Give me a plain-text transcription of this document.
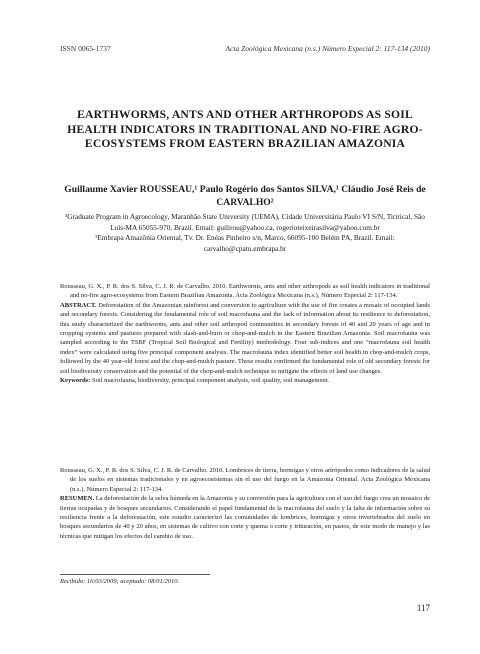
ISSN 0065-1737	Acta Zoológica Mexicana (n.s.) Número Especial 2: 117-134 (2010)
EARTHWORMS, ANTS AND OTHER ARTHROPODS AS SOIL HEALTH INDICATORS IN TRADITIONAL AND NO-FIRE AGRO-ECOSYSTEMS FROM EASTERN BRAZILIAN AMAZONIA
Guillaume Xavier ROUSSEAU,¹ Paulo Rogério dos Santos SILVA,¹ Cláudio José Reis de CARVALHO²

¹Graduate Program in Agroecology, Maranhão State University (UEMA), Cidade Universitária Paulo VI S/N, Tirirical, São Luís-MA 65055-970, Brazil. Email: guilirou@yahoo.ca, rogerioteixeirasilva@yahoo.com.br

²Embrapa Amazônia Oriental, Tv. Dr. Enéas Pinheiro s/n, Marco, 66095-100 Belém PA, Brazil. Email: carvalho@cpatu.embrapa.br

Rousseau, G. X., P. R. dos S. Silva, C. J. R. de Carvalho. 2010. Earthworms, ants and other arthropods as soil health indicators in traditional and no-fire agro-ecosystems from Eastern Brazilian Amazonia. Acta Zoológica Mexicana (n.s.), Número Especial 2: 117-134.

ABSTRACT. Deforestation of the Amazonian rainforest and conversion to agriculture with the use of fire creates a mosaic of occupied lands and secondary forests. Considering the fundamental role of soil macrofauna and the lack of information about its resilience to deforestation, this study characterized the earthworms, ants and other soil arthropod communities in secondary forests of 40 and 20 years of age and in cropping systems and pastures prepared with slash-and-burn or chop-and-mulch in the Eastern Brazilian Amazonia. Soil macrofauna was sampled according to the TSBF (Tropical Soil Biological and Fertility) methodology. Four sub-indices and one “macrofauna soil health index” were calculated using five principal component analysis. The macrofauna index identified better soil health in chop-and-mulch crops, followed by the 40 year-old forest and the chop-and-mulch pasture. These results confirmed the fundamental role of old secondary forests for soil biodiversity conservation and the potential of the chop-and-mulch technique to mitigate the effects of land use changes.

Keywords: Soil macrofauna, biodiversity, principal component analysis, soil quality, soil management.

Rousseau, G. X., P. R. dos S. Silva, C. J. R. de Carvalho. 2010. Lombrices de tierra, hormigas y otros artrópodos como indicadores de la salud de los suelos en sistemas tradicionales y en agroecosistemas sin el uso del fuego en la Amazonia Oriental. Acta Zoológica Mexicana (n.s.), Número Especial 2: 117-134.

RESUMEN. La deforestación de la selva húmeda en la Amazonia y su conversión para la agricultura con el uso del fuego crea un mosaico de tierras ocupadas y de bosques secundarios. Considerando el papel fundamental de la macrofauna del suelo y la falta de información sobre su resiliencia frente a la deforestación, este estudio caracterizó las comunidades de lombrices, hormigas y otros invertebrados del suelo en bosques secundarios de 40 y 20 años, en sistemas de cultivo con corte y quema o corte y trituración, en pastos, de este modo de manejo y las técnicas que mitigan los efectos del cambio de uso.

Recibido: 16/03/2009; aceptado: 08/01/2010.
117
